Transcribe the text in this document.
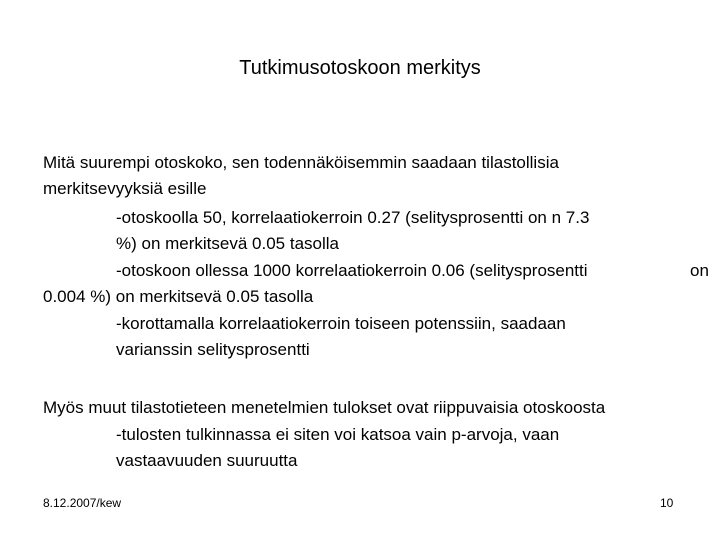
Tutkimusotoskoon merkitys
Mitä suurempi otoskoko, sen todennäköisemmin saadaan tilastollisia
merkitsevyyksiä esille
-otoskoolla 50, korrelaatiokerroin 0.27 (selitysprosentti on n 7.3
%) on merkitsevä 0.05 tasolla
-otoskoon ollessa 1000 korrelaatiokerroin 0.06 (selitysprosentti	on
0.004 %) on merkitsevä 0.05 tasolla
-korottamalla korrelaatiokerroin toiseen potenssiin, saadaan
varianssin selitysprosentti
Myös muut tilastotieteen menetelmien tulokset ovat riippuvaisia otoskoosta
-tulosten tulkinnassa ei siten voi katsoa vain p-arvoja, vaan
vastaavuuden suuruutta
8.12.2007/kew	10
